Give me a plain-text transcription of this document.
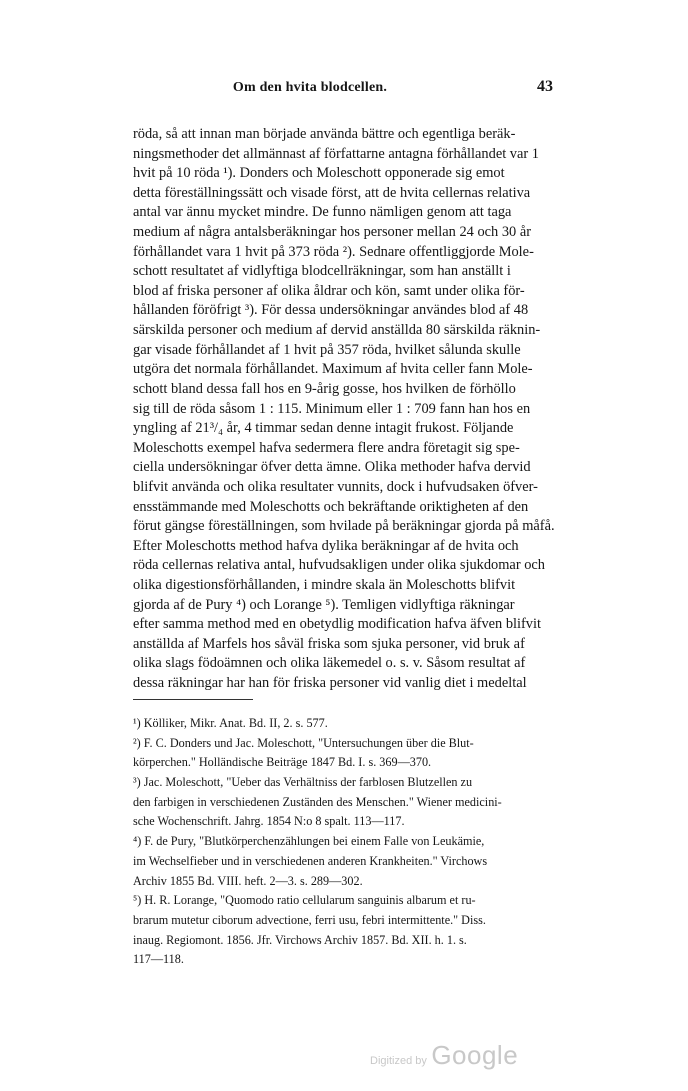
Om den hvita blodcellen.	43
röda, så att innan man började använda bättre och egentliga beräk-
ningsmethoder det allmännast af författarne antagna förhållandet var 1
hvit på 10 röda ¹). Donders och Moleschott opponerade sig emot
detta föreställningssätt och visade först, att de hvita cellernas relativa
antal var ännu mycket mindre. De funno nämligen genom att taga
medium af några antalsberäkningar hos personer mellan 24 och 30 år
förhållandet vara 1 hvit på 373 röda ²). Sednare offentliggjorde Mole-
schott resultatet af vidlyftiga blodcellräkningar, som han anställt i
blod af friska personer af olika åldrar och kön, samt under olika för-
hållanden föröfrigt ³). För dessa undersökningar användes blod af 48
särskilda personer och medium af dervid anställda 80 särskilda räknin-
gar visade förhållandet af 1 hvit på 357 röda, hvilket sålunda skulle
utgöra det normala förhållandet. Maximum af hvita celler fann Mole-
schott bland dessa fall hos en 9-årig gosse, hos hvilken de förhöllo
sig till de röda såsom 1 : 115. Minimum eller 1 : 709 fann han hos en
yngling af 21³/₄ år, 4 timmar sedan denne intagit frukost. Följande
Moleschotts exempel hafva sedermera flere andra företagit sig spe-
ciella undersökningar öfver detta ämne. Olika methoder hafva dervid
blifvit använda och olika resultater vunnits, dock i hufvudsaken öfver-
ensstämmande med Moleschotts och bekräftande oriktigheten af den
förut gängse föreställningen, som hvilade på beräkningar gjorda på måfå.
Efter Moleschotts method hafva dylika beräkningar af de hvita och
röda cellernas relativa antal, hufvudsakligen under olika sjukdomar och
olika digestionsförhållanden, i mindre skala än Moleschotts blifvit
gjorda af de Pury ⁴) och Lorange ⁵). Temligen vidlyftiga räkningar
efter samma method med en obetydlig modification hafva äfven blifvit
anställda af Marfels hos såväl friska som sjuka personer, vid bruk af
olika slags födoämnen och olika läkemedel o. s. v. Såsom resultat af
dessa räkningar har han för friska personer vid vanlig diet i medeltal
¹) Kölliker, Mikr. Anat. Bd. II, 2. s. 577.
²) F. C. Donders und Jac. Moleschott, "Untersuchungen über die Blut-
körperchen." Holländische Beiträge 1847 Bd. I. s. 369—370.
³) Jac. Moleschott, "Ueber das Verhältniss der farblosen Blutzellen zu
den farbigen in verschiedenen Zuständen des Menschen." Wiener medicini-
sche Wochenschrift. Jahrg. 1854 N:o 8 spalt. 113—117.
⁴) F. de Pury, "Blutkörperchenzählungen bei einem Falle von Leukämie,
im Wechselfieber und in verschiedenen anderen Krankheiten." Virchows
Archiv 1855 Bd. VIII. heft. 2—3. s. 289—302.
⁵) H. R. Lorange, "Quomodo ratio cellularum sanguinis albarum et ru-
brarum mutetur ciborum advectione, ferri usu, febri intermittente." Diss.
inaug. Regiomont. 1856. Jfr. Virchows Archiv 1857. Bd. XII. h. 1. s.
117—118.
Digitized by Google
